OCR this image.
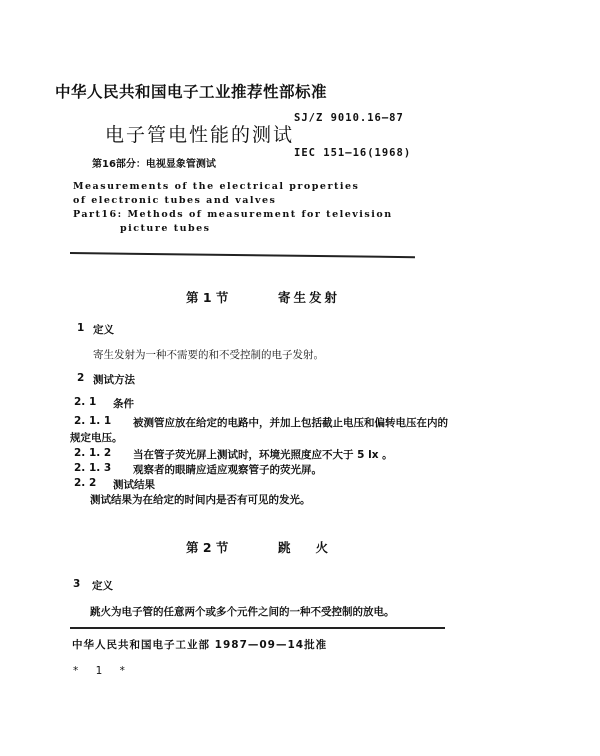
中华人民共和国电子工业推荐性部标准
电子管电性能的测试
第16部分：电视显象管测试
SJ/Z 9010.16—87
IEC 151—16(1968)
Measurements of the electrical properties
of electronic tubes and valves
Part16: Methods of measurement for television
picture tubes
第 1 节	寄生发射
1 定义
寄生发射为一种不需要的和不受控制的电子发射。
2 测试方法
2. 1 条件
2. 1. 1 被测管应放在给定的电路中，并加上包括截止电压和偏转电压在内的
规定电压。
2. 1. 2 当在管子荧光屏上测试时，环境光照度应不大于 5 lx 。
2. 1. 3 观察者的眼睛应适应观察管子的荧光屏。
2. 2 测试结果
测试结果为在给定的时间内是否有可见的发光。
第 2 节	跳　　火
3 定义
跳火为电子管的任意两个或多个元件之间的一种不受控制的放电。
中华人民共和国电子工业部 1987—09—14批准
* 1 *
